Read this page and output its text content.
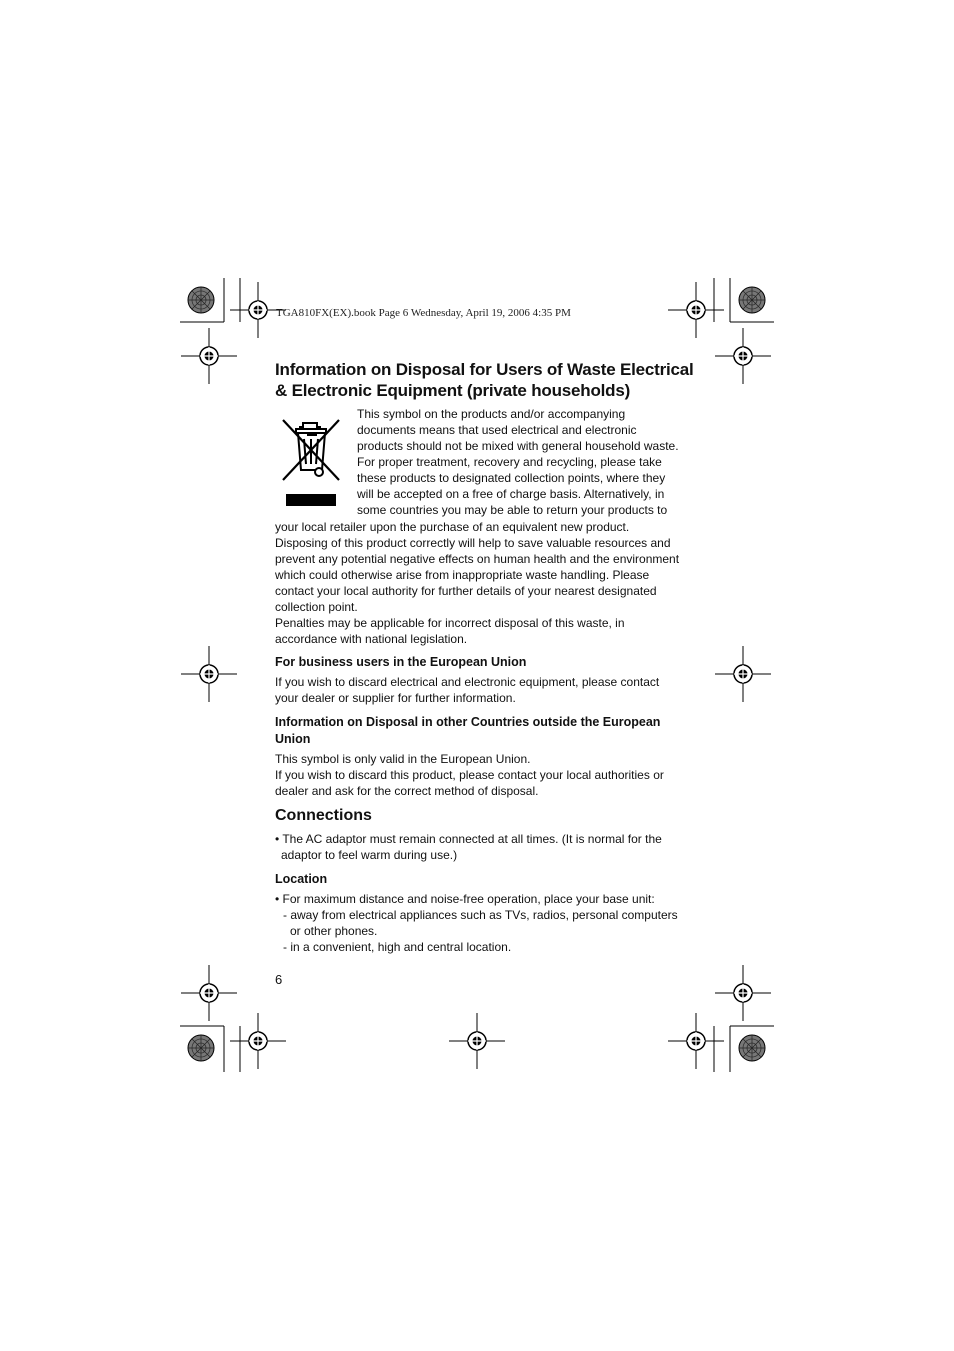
TGA810FX(EX).book Page 6 Wednesday, April 19, 2006 4:35 PM
Information on Disposal for Users of Waste Electrical
& Electronic Equipment (private households)
This symbol on the products and/or accompanying
documents means that used electrical and electronic
products should not be mixed with general household waste.
For proper treatment, recovery and recycling, please take
these products to designated collection points, where they
will be accepted on a free of charge basis. Alternatively, in
some countries you may be able to return your products to
your local retailer upon the purchase of an equivalent new product.
Disposing of this product correctly will help to save valuable resources and
prevent any potential negative effects on human health and the environment
which could otherwise arise from inappropriate waste handling. Please
contact your local authority for further details of your nearest designated
collection point.
Penalties may be applicable for incorrect disposal of this waste, in
accordance with national legislation.
For business users in the European Union
If you wish to discard electrical and electronic equipment, please contact
your dealer or supplier for further information.
Information on Disposal in other Countries outside the European
Union
This symbol is only valid in the European Union.
If you wish to discard this product, please contact your local authorities or
dealer and ask for the correct method of disposal.
Connections
• The AC adaptor must remain connected at all times. (It is normal for the
adaptor to feel warm during use.)
Location
• For maximum distance and noise-free operation, place your base unit:
- away from electrical appliances such as TVs, radios, personal computers
or other phones.
- in a convenient, high and central location.
6
